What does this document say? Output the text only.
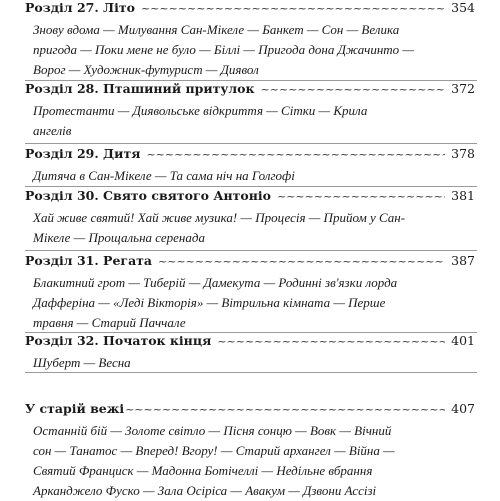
Розділ 27. Літо ~~~~~	354
Знову вдома — Милування Сан-Мікеле — Банкет — Сон — Велика
пригода — Поки мене не було — Біллі — Пригода дона Джачинто —
Ворог — Художник-футурист — Диявол
Розділ 28. Пташиний притулок ~~~~~	372
Протестанти — Диявольське відкриття — Сітки — Крила
ангелів
Розділ 29. Дитя ~~~~~	378
Дитяча в Сан-Мікеле — Та сама ніч на Голгофі
Розділ 30. Свято святого Антоніо ~~~~~	381
Хай живе святий! Хай живе музика! — Процесія — Прийом у Сан-
Мікеле — Прощальна серенада
Розділ 31. Регата ~~~~~	387
Блакитний грот — Тиберій — Дамекута — Родинні зв'язки лорда
Дафферіна — «Леді Вікторія» — Вітрильна кімната — Перше
травня — Старий Паччале
Розділ 32. Початок кінця ~~~~~	401
Шуберт — Весна
У старій вежі ~~~~~	407
Останній бій — Золоте світло — Пісня сонцю — Вовк — Вічний
сон — Танатос — Вперед! Вгору! — Старий архангел — Війна —
Святий Франциск — Мадонна Ботічеллі — Недільне вбрання
Арканджело Фуско — Зала Осіріса — Авакум — Дзвони Ассізі
